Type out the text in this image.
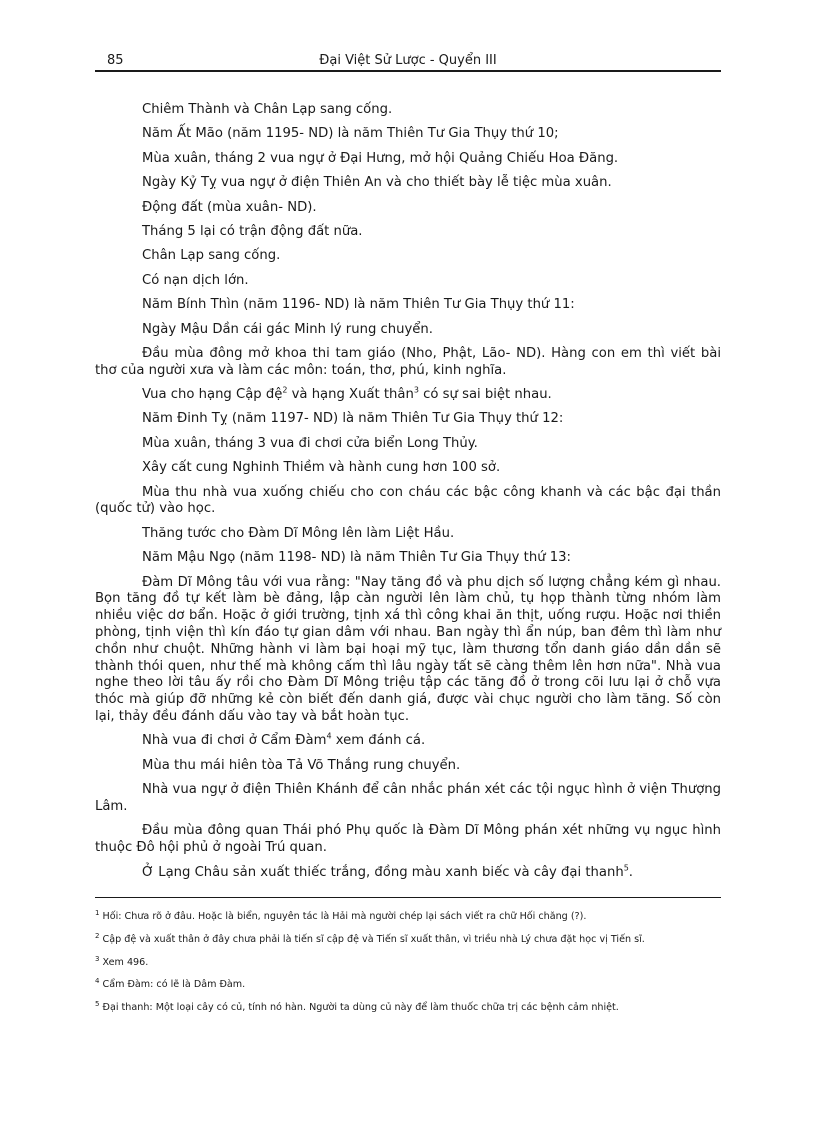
85	Đại Việt Sử Lược - Quyển III

Chiêm Thành và Chân Lạp sang cống.

Năm Ất Mão (năm 1195- ND) là năm Thiên Tư Gia Thụy thứ 10;

Mùa xuân, tháng 2 vua ngự ở Đại Hưng, mở hội Quảng Chiếu Hoa Đăng.

Ngày Kỷ Tỵ vua ngự ở điện Thiên An và cho thiết bày lễ tiệc mùa xuân.

Động đất (mùa xuân- ND).

Tháng 5 lại có trận động đất nữa.

Chân Lạp sang cống.

Có nạn dịch lớn.

Năm Bính Thìn (năm 1196- ND) là năm Thiên Tư Gia Thụy thứ 11:

Ngày Mậu Dần cái gác Minh lý rung chuyển.

Đầu mùa đông mở khoa thi tam giáo (Nho, Phật, Lão- ND). Hàng con em thì viết bài thơ của người xưa và làm các môn: toán, thơ, phú, kinh nghĩa.

Vua cho hạng Cập đệ$^2$ và hạng Xuất thân$^3$ có sự sai biệt nhau.

Năm Đinh Tỵ (năm 1197- ND) là năm Thiên Tư Gia Thụy thứ 12:

Mùa xuân, tháng 3 vua đi chơi cửa biển Long Thủy.

Xây cất cung Nghinh Thiềm và hành cung hơn 100 sở.

Mùa thu nhà vua xuống chiếu cho con cháu các bậc công khanh và các bậc đại thần (quốc tử) vào học.

Thăng tước cho Đàm Dĩ Mông lên làm Liệt Hầu.

Năm Mậu Ngọ (năm 1198- ND) là năm Thiên Tư Gia Thụy thứ 13:

Đàm Dĩ Mông tâu với vua rằng: "Nay tăng đồ và phu dịch số lượng chẳng kém gì nhau. Bọn tăng đồ tự kết làm bè đảng, lập càn người lên làm chủ, tụ họp thành từng nhóm làm nhiều việc dơ bẩn. Hoặc ở giới trường, tịnh xá thì công khai ăn thịt, uống rượu. Hoặc nơi thiền phòng, tịnh viện thì kín đáo tự gian dâm với nhau. Ban ngày thì ẩn núp, ban đêm thì làm như chồn như chuột. Những hành vi làm bại hoại mỹ tục, làm thương tổn danh giáo dần dần sẽ thành thói quen, như thế mà không cấm thì lâu ngày tất sẽ càng thêm lên hơn nữa". Nhà vua nghe theo lời tâu ấy rồi cho Đàm Dĩ Mông triệu tập các tăng đồ ở trong cõi lưu lại ở chỗ vựa thóc mà giúp đỡ những kẻ còn biết đến danh giá, được vài chục người cho làm tăng. Số còn lại, thảy đều đánh dấu vào tay và bắt hoàn tục.

Nhà vua đi chơi ở Cẩm Đàm$^4$ xem đánh cá.

Mùa thu mái hiên tòa Tả Võ Thắng rung chuyển.

Nhà vua ngự ở điện Thiên Khánh để cân nhắc phán xét các tội ngục hình ở viện Thượng Lâm.

Đầu mùa đông quan Thái phó Phụ quốc là Đàm Dĩ Mông phán xét những vụ ngục hình thuộc Đô hội phủ ở ngoài Trú quan.

Ở Lạng Châu sản xuất thiếc trắng, đồng màu xanh biếc và cây đại thanh$^5$.

$^1$ Hối: Chưa rõ ở đâu. Hoặc là biển, nguyên tác là Hải mà người chép lại sách viết ra chữ Hối chăng (?).
$^2$ Cập đệ và xuất thân ở đây chưa phải là tiến sĩ cập đệ và Tiến sĩ xuất thân, vì triều nhà Lý chưa đặt học vị Tiến sĩ.
$^3$ Xem 496.
$^4$ Cẩm Đàm: có lẽ là Dâm Đàm.
$^5$ Đại thanh: Một loại cây có củ, tính nó hàn. Người ta dùng củ này để làm thuốc chữa trị các bệnh cảm nhiệt.
